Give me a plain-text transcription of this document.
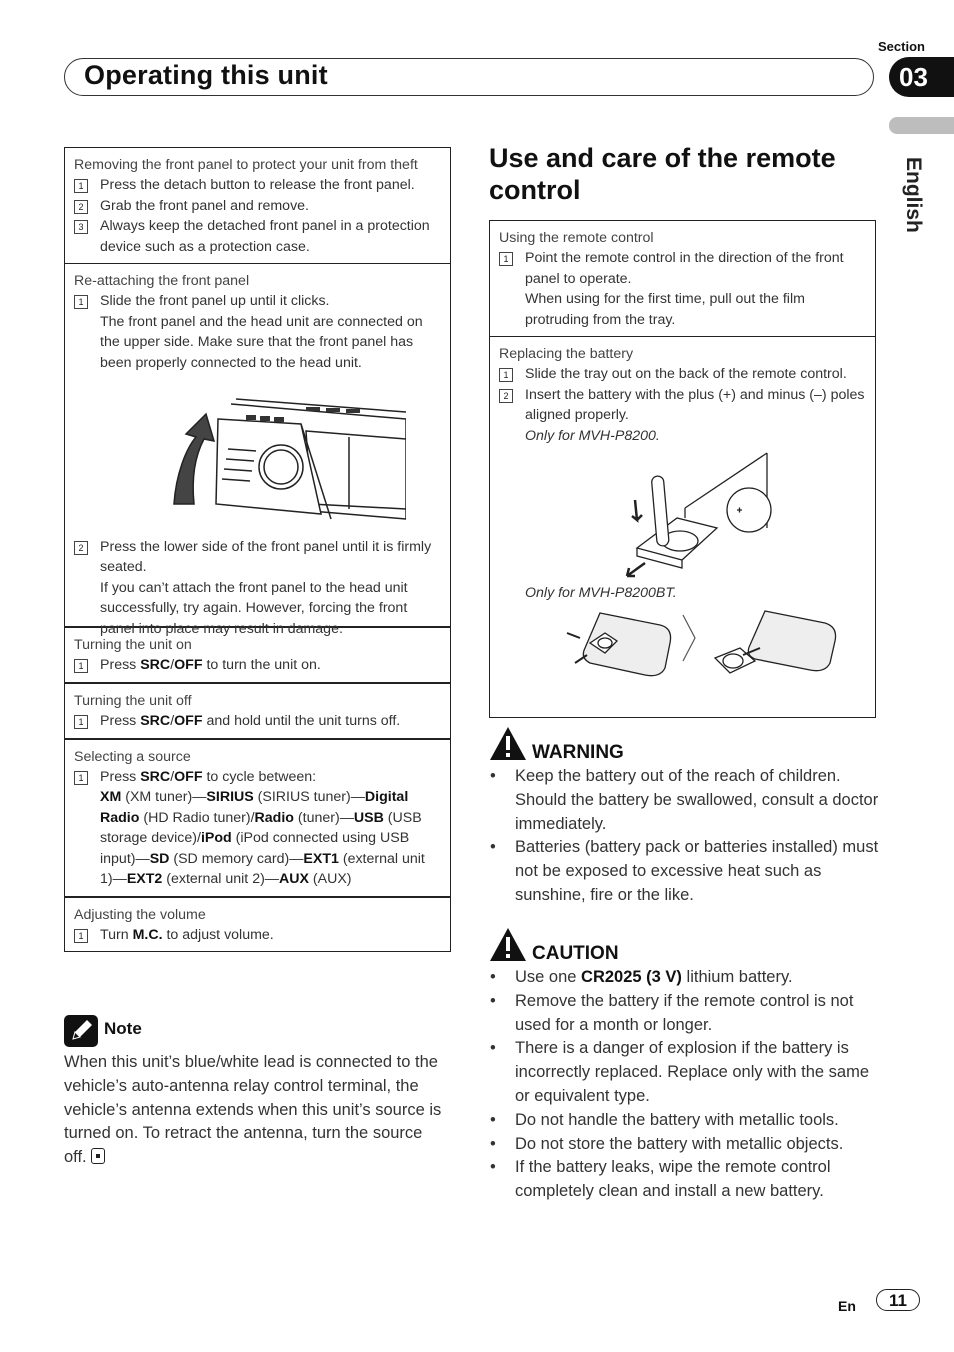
Section
Operating this unit	03
English
Removing the front panel to protect your unit from theft
1	Press the detach button to release the front panel.
2	Grab the front panel and remove.
3	Always keep the detached front panel in a protection device such as a protection case.
Re-attaching the front panel
1	Slide the front panel up until it clicks.
The front panel and the head unit are connected on the upper side. Make sure that the front panel has been properly connected to the head unit.
2	Press the lower side of the front panel until it is firmly seated.
If you can’t attach the front panel to the head unit successfully, try again. However, forcing the front panel into place may result in damage.
Turning the unit on
1	Press SRC/OFF to turn the unit on.
Turning the unit off
1	Press SRC/OFF and hold until the unit turns off.
Selecting a source
1	Press SRC/OFF to cycle between:
XM (XM tuner)—SIRIUS (SIRIUS tuner)—Digital Radio (HD Radio tuner)/Radio (tuner)—USB (USB storage device)/iPod (iPod connected using USB input)—SD (SD memory card)—EXT1 (external unit 1)—EXT2 (external unit 2)—AUX (AUX)
Adjusting the volume
1	Turn M.C. to adjust volume.
Note
When this unit’s blue/white lead is connected to the vehicle’s auto-antenna relay control terminal, the vehicle’s antenna extends when this unit’s source is turned on. To retract the antenna, turn the source off.
Use and care of the remote control
Using the remote control
1	Point the remote control in the direction of the front panel to operate.
When using for the first time, pull out the film protruding from the tray.
Replacing the battery
1	Slide the tray out on the back of the remote control.
2	Insert the battery with the plus (+) and minus (–) poles aligned properly.
Only for MVH-P8200.
Only for MVH-P8200BT.
WARNING
• Keep the battery out of the reach of children. Should the battery be swallowed, consult a doctor immediately.
• Batteries (battery pack or batteries installed) must not be exposed to excessive heat such as sunshine, fire or the like.
CAUTION
• Use one CR2025 (3 V) lithium battery.
• Remove the battery if the remote control is not used for a month or longer.
• There is a danger of explosion if the battery is incorrectly replaced. Replace only with the same or equivalent type.
• Do not handle the battery with metallic tools.
• Do not store the battery with metallic objects.
• If the battery leaks, wipe the remote control completely clean and install a new battery.
En	11
